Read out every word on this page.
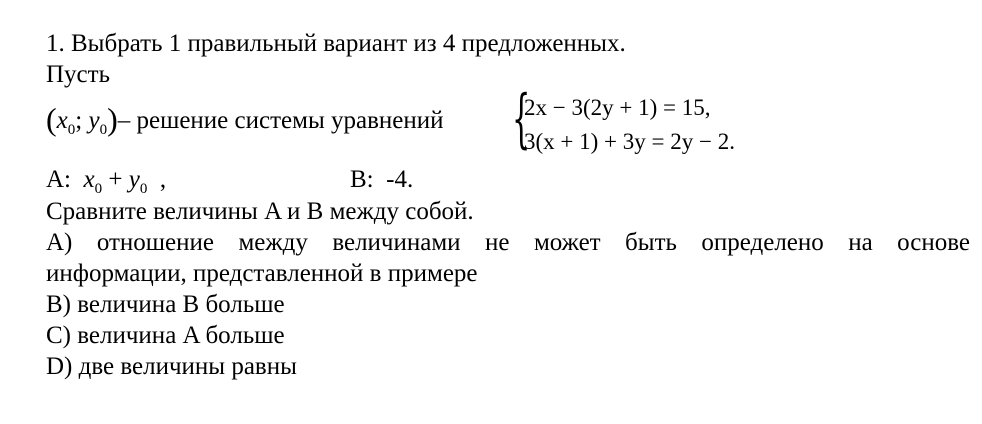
1. Выбрать 1 правильный вариант из 4 предложенных.
Пусть
($x_0$; $y_0)-$ решение системы уравнений {
2x − 3(2y + 1) = 15,
3(x + 1) + 3y = 2y − 2.
A: $x_0 + y_0$ ,	B: -4.
Сравните величины A и B между собой.
A) отношение между величинами не может быть определено на основе
информации, представленной в примере
B) величина B больше
C) величина A больше
D) две величины равны
